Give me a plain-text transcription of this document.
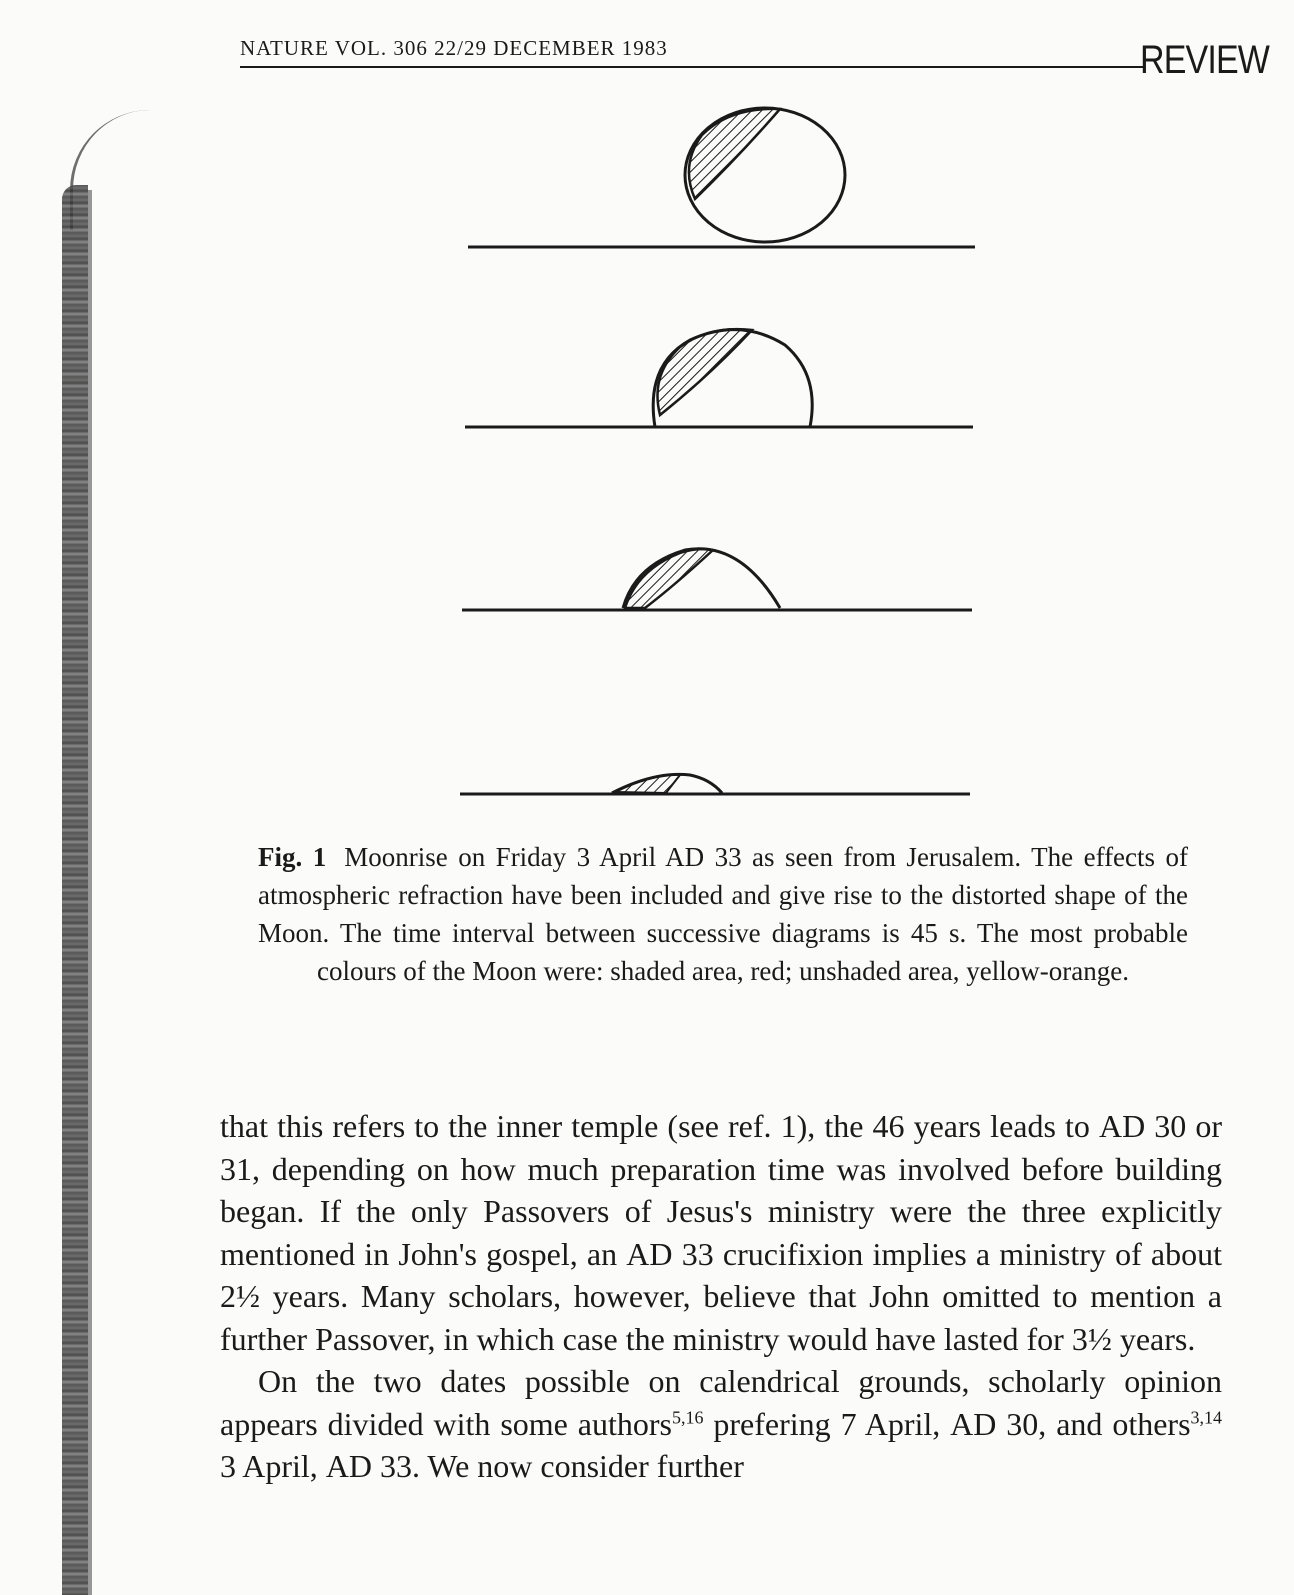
NATURE VOL. 306 22/29 DECEMBER 1983	REVIEW
Fig. 1 Moonrise on Friday 3 April AD 33 as seen from Jerusalem. The effects of atmospheric refraction have been included and give rise to the distorted shape of the Moon. The time interval between successive diagrams is 45 s. The most probable colours of the Moon were: shaded area, red; unshaded area, yellow-orange.

that this refers to the inner temple (see ref. 1), the 46 years leads to AD 30 or 31, depending on how much preparation time was involved before building began. If the only Passovers of Jesus's ministry were the three explicitly mentioned in John's gospel, an AD 33 crucifixion implies a ministry of about 2½ years. Many scholars, however, believe that John omitted to mention a further Passover, in which case the ministry would have lasted for 3½ years.

On the two dates possible on calendrical grounds, scholarly opinion appears divided with some authors$^{5,16}$ prefering 7 April, AD 30, and others$^{3,14}$ 3 April, AD 33. We now consider further
